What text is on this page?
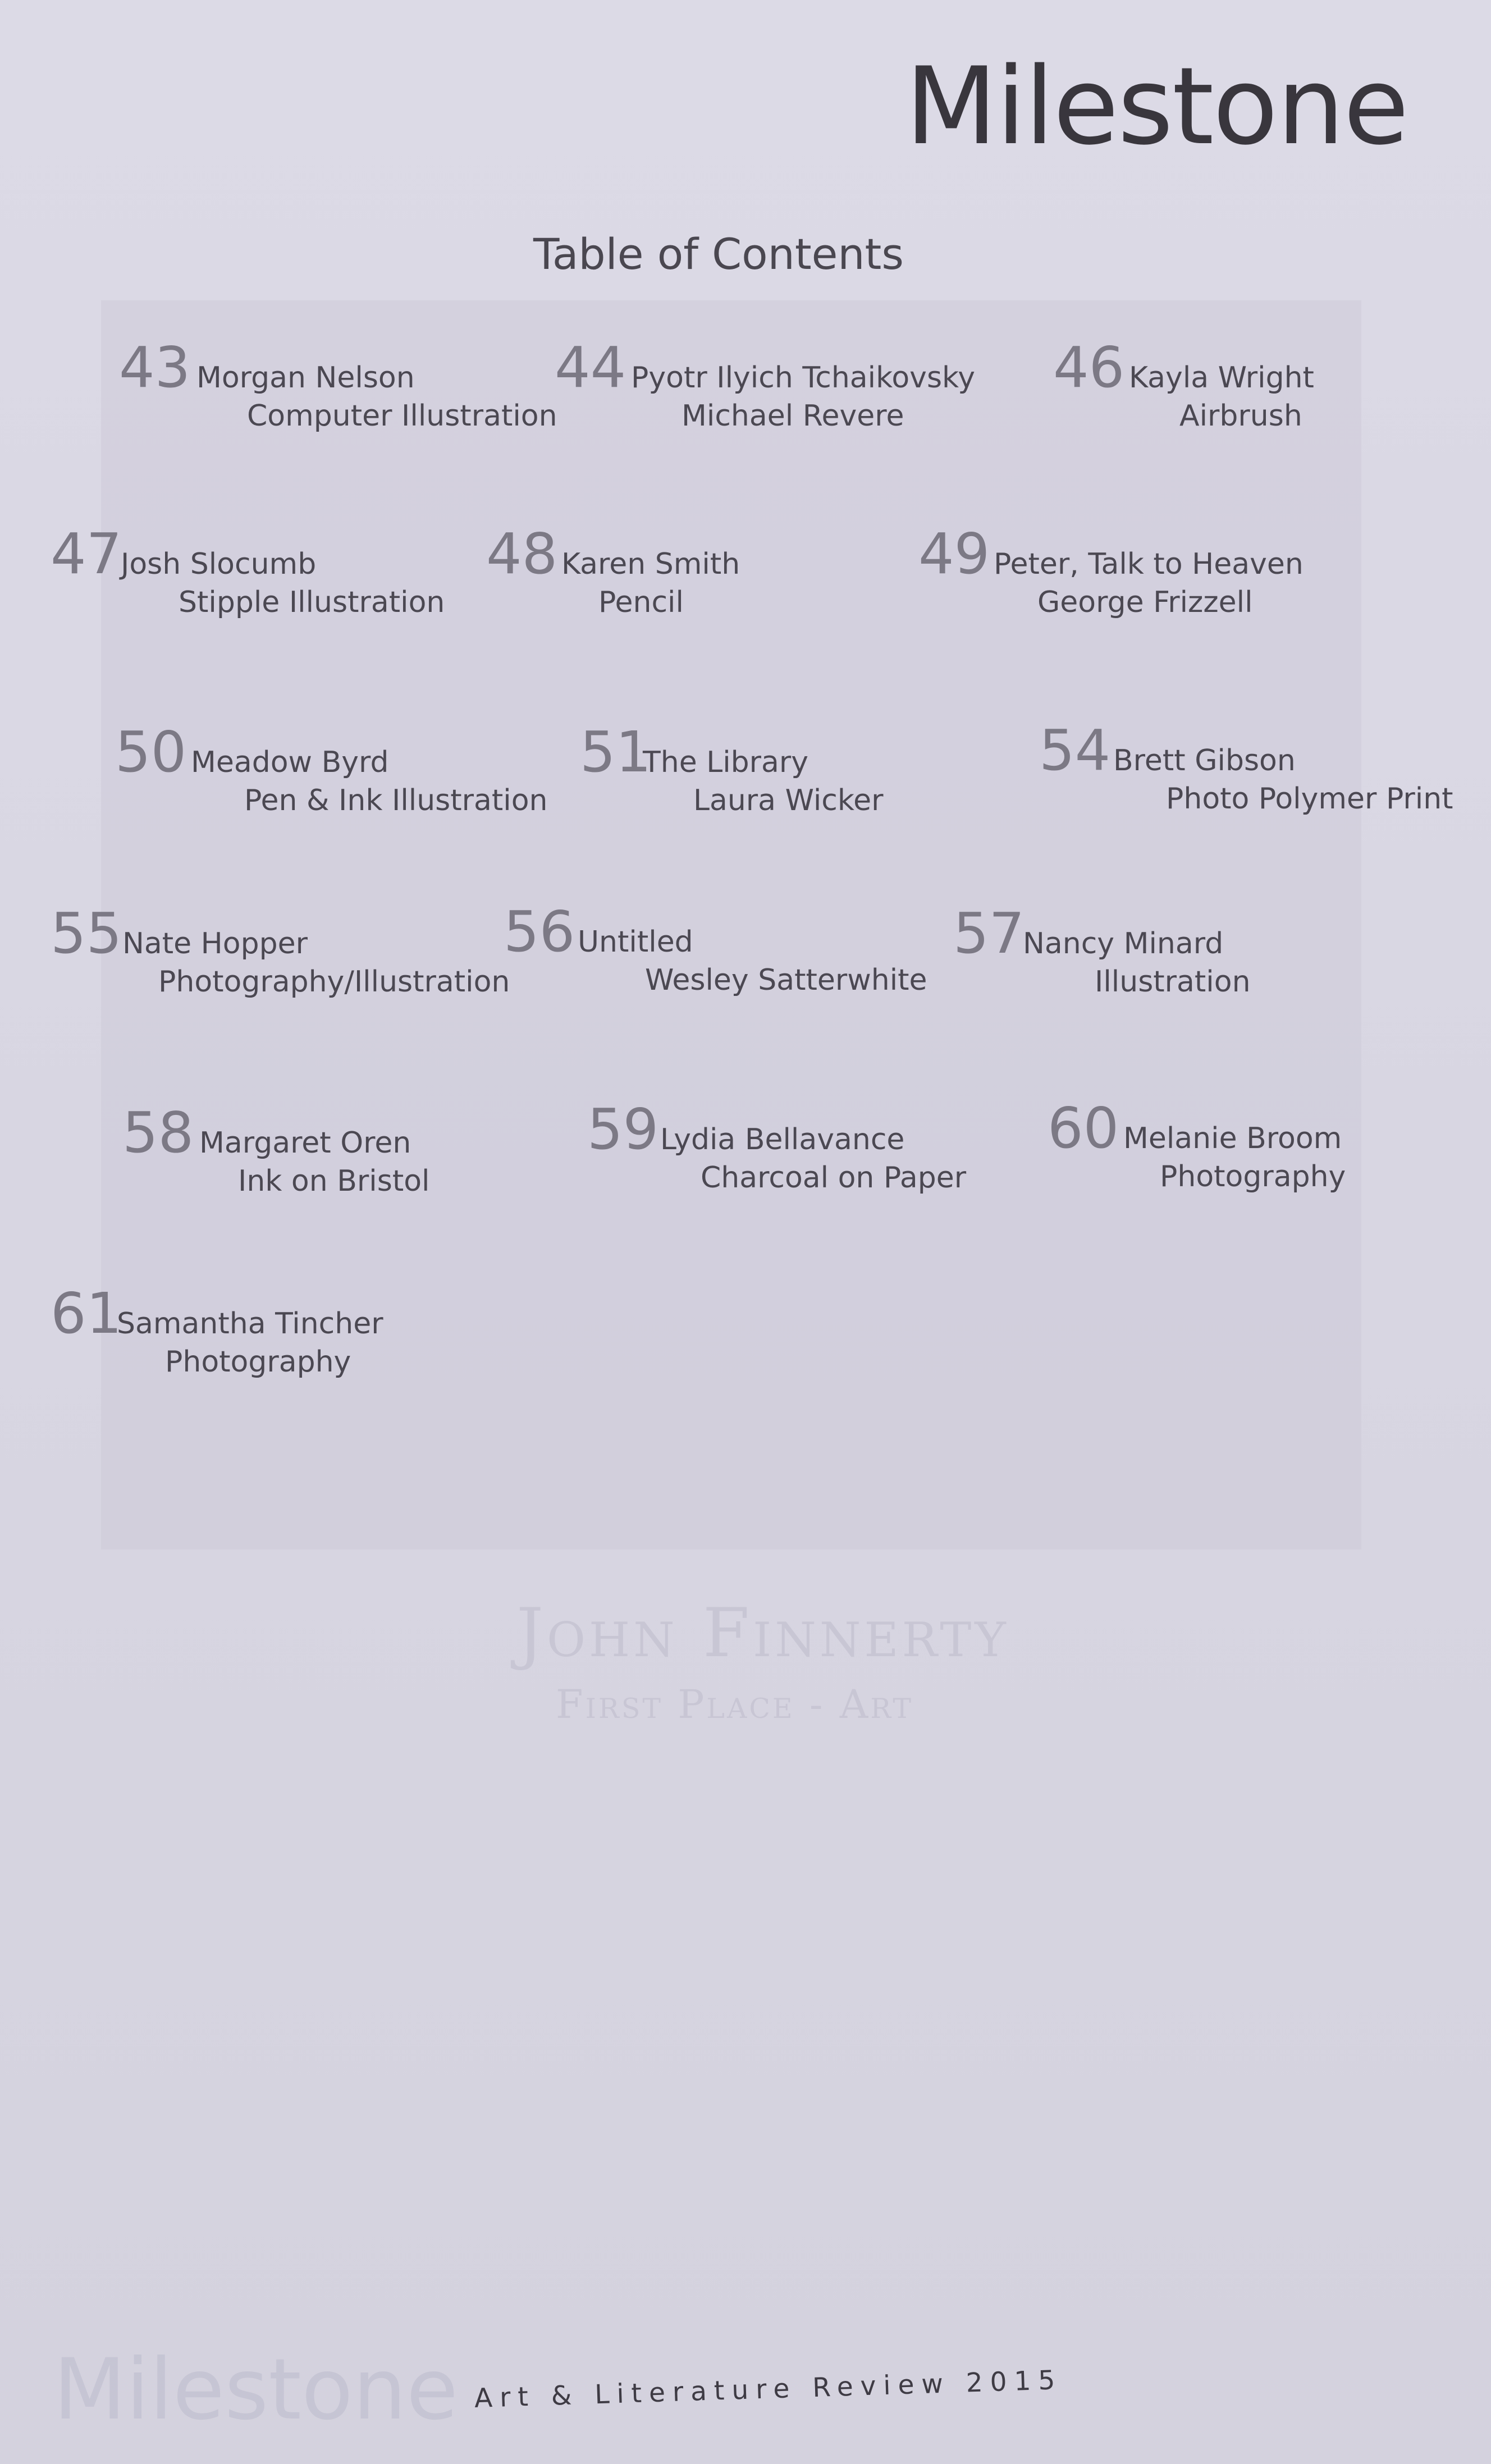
John Finnerty
First Place - Art
Milestone
Milestone
Table of Contents
43 Morgan Nelson
Computer Illustration
44 Pyotr Ilyich Tchaikovsky
Michael Revere
46 Kayla Wright
Airbrush
47
Josh Slocumb
Stipple Illustration
48 Karen Smith
Pencil
49 Peter, Talk to Heaven
George Frizzell
50 Meadow Byrd
Pen & Ink Illustration
51
The Library
Laura Wicker
54 Brett Gibson
Photo Polymer Print
55 Nate Hopper
Photography/Illustration
56 Untitled
Wesley Satterwhite
57
Nancy Minard
Illustration
58 Margaret Oren
Ink on Bristol
59 Lydia Bellavance
Charcoal on Paper
60 Melanie Broom
Photography
61
Samantha Tincher
Photography
Art & Literature Review 2015
